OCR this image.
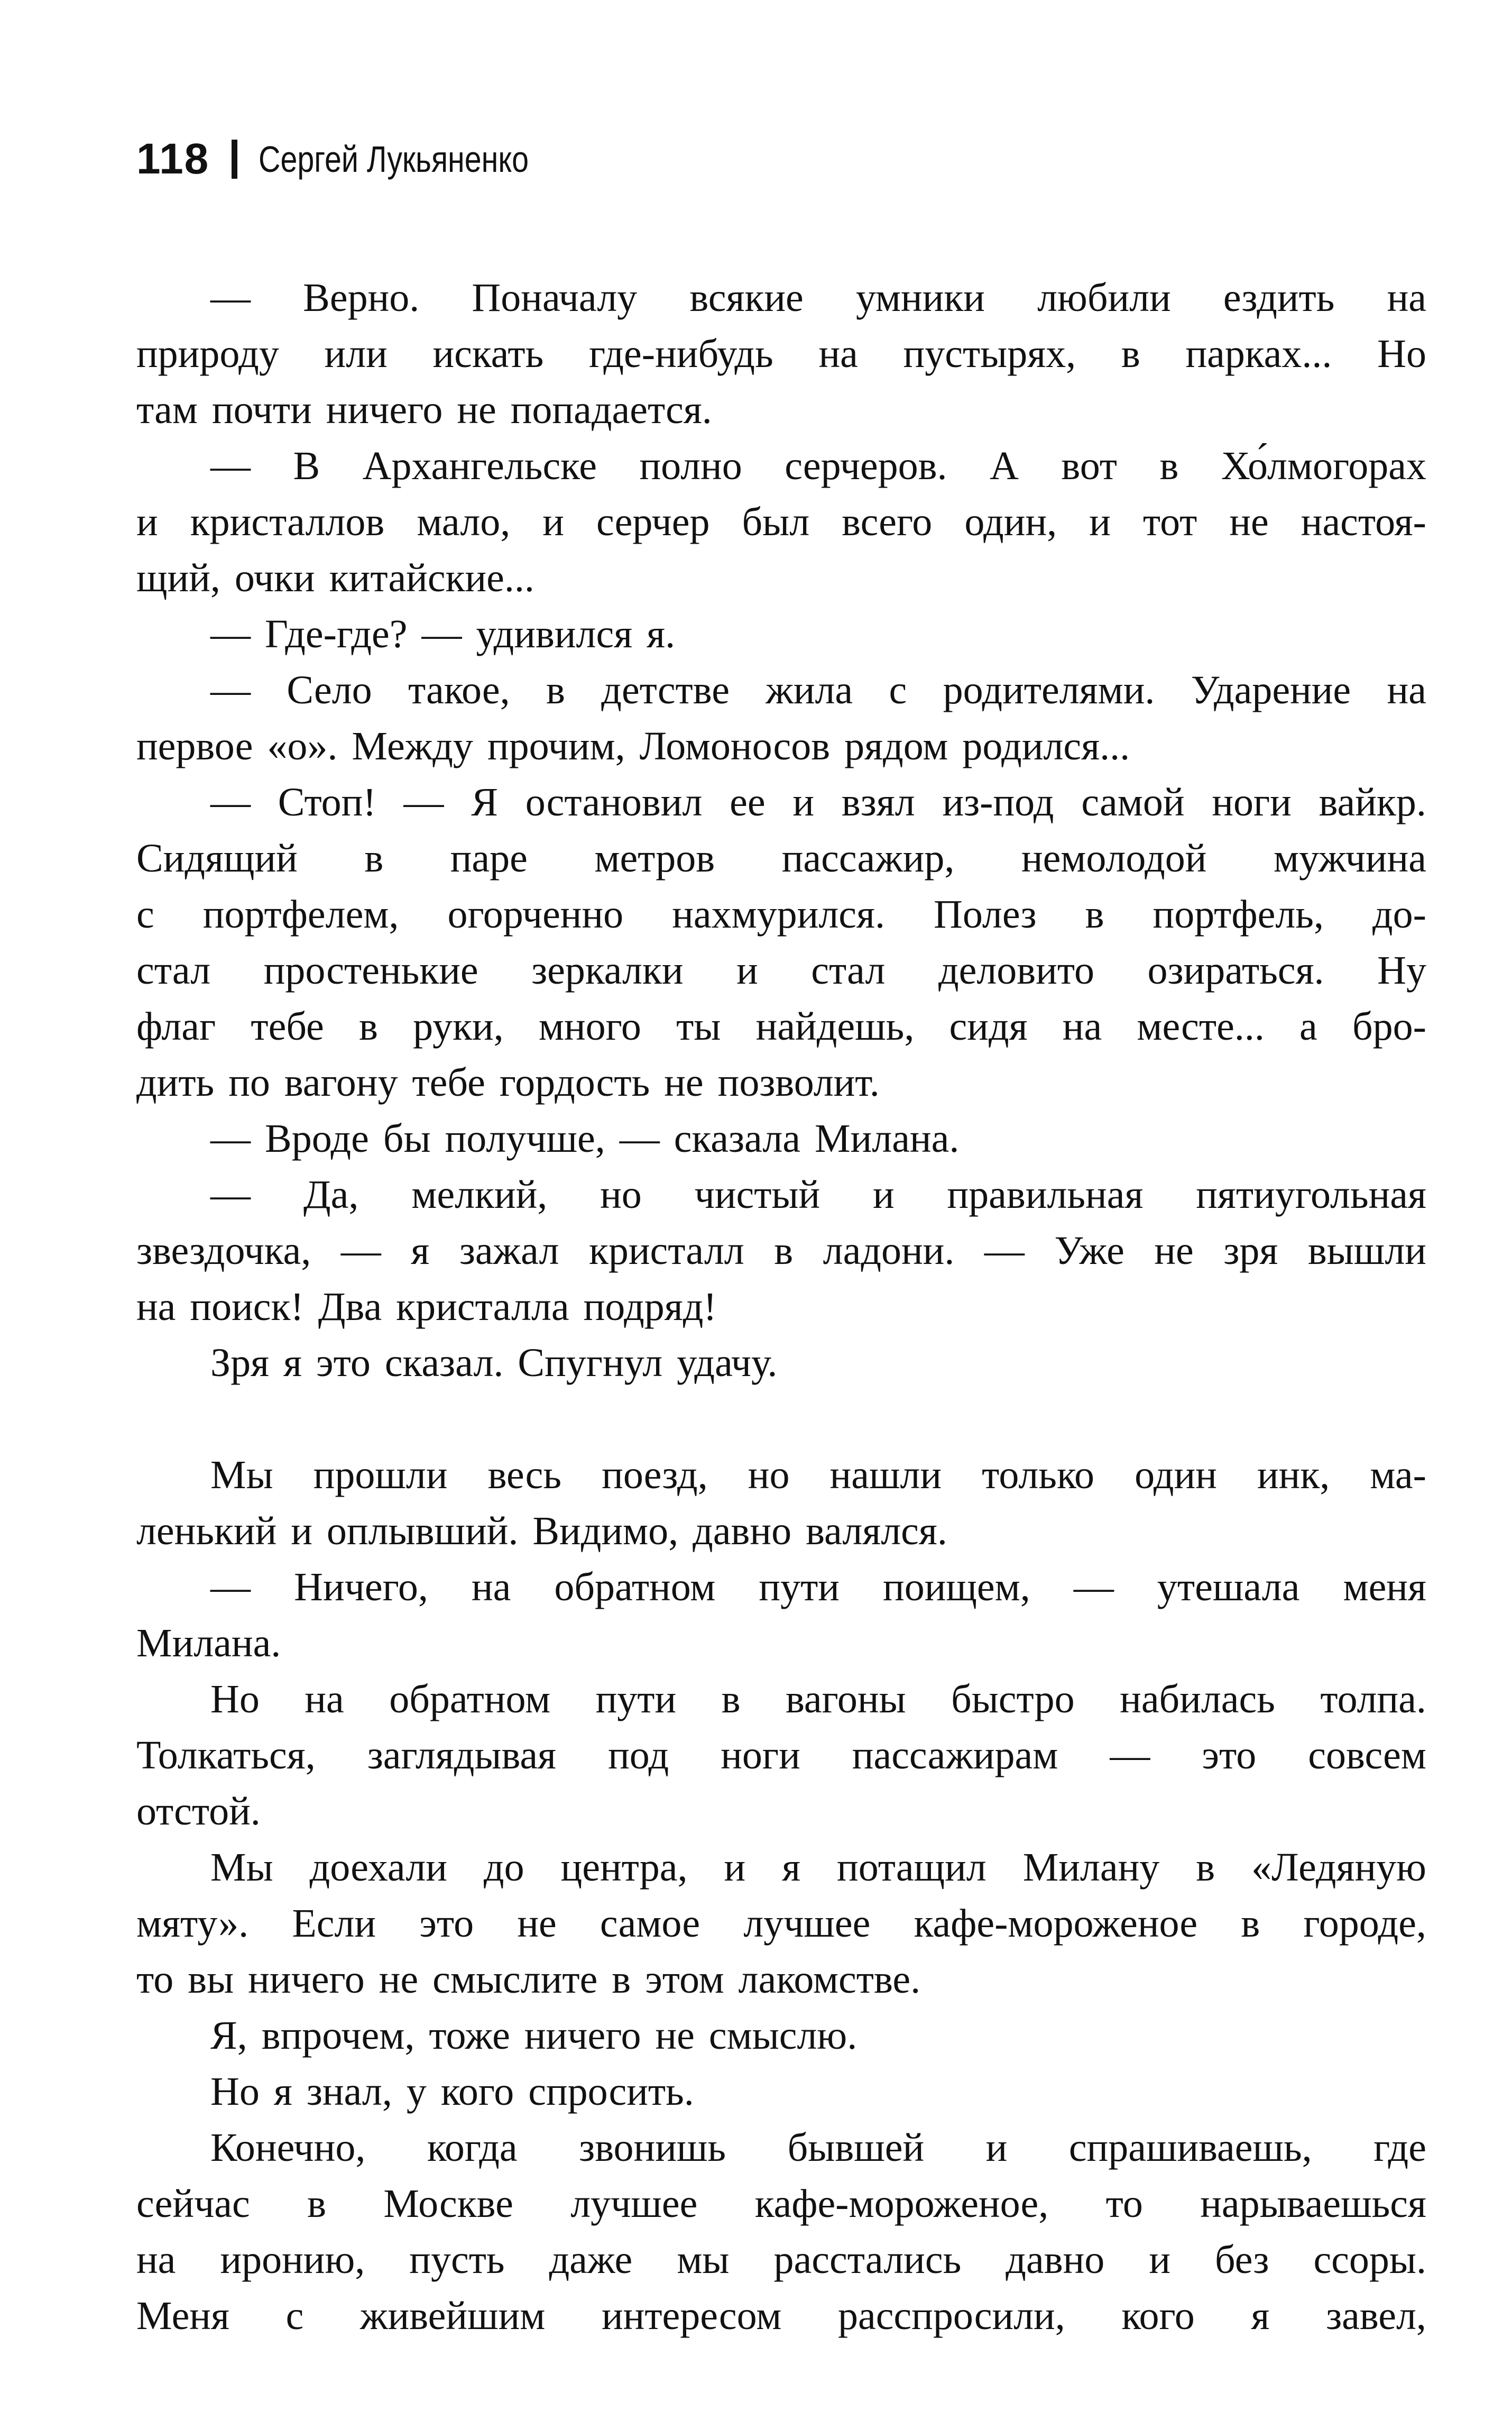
118 Сергей Лукьяненко
— Верно. Поначалу всякие умники любили ездить на
природу или искать где-нибудь на пустырях, в парках... Но
там почти ничего не попадается.
— В Архангельске полно серчеров. А вот в Хо́лмогорах
и кристаллов мало, и серчер был всего один, и тот не настоя-
щий, очки китайские...
— Где-где? — удивился я.
— Село такое, в детстве жила с родителями. Ударение на
первое «о». Между прочим, Ломоносов рядом родился...
— Стоп! — Я остановил ее и взял из-под самой ноги вайкр.
Сидящий в паре метров пассажир, немолодой мужчина
с портфелем, огорченно нахмурился. Полез в портфель, до-
стал простенькие зеркалки и стал деловито озираться. Ну
флаг тебе в руки, много ты найдешь, сидя на месте... а бро-
дить по вагону тебе гордость не позволит.
— Вроде бы получше, — сказала Милана.
— Да, мелкий, но чистый и правильная пятиугольная
звездочка, — я зажал кристалл в ладони. — Уже не зря вышли
на поиск! Два кристалла подряд!
Зря я это сказал. Спугнул удачу.
Мы прошли весь поезд, но нашли только один инк, ма-
ленький и оплывший. Видимо, давно валялся.
— Ничего, на обратном пути поищем, — утешала меня
Милана.
Но на обратном пути в вагоны быстро набилась толпа.
Толкаться, заглядывая под ноги пассажирам — это совсем
отстой.
Мы доехали до центра, и я потащил Милану в «Ледяную
мяту». Если это не самое лучшее кафе-мороженое в городе,
то вы ничего не смыслите в этом лакомстве.
Я, впрочем, тоже ничего не смыслю.
Но я знал, у кого спросить.
Конечно, когда звонишь бывшей и спрашиваешь, где
сейчас в Москве лучшее кафе-мороженое, то нарываешься
на иронию, пусть даже мы расстались давно и без ссоры.
Меня с живейшим интересом расспросили, кого я завел,
